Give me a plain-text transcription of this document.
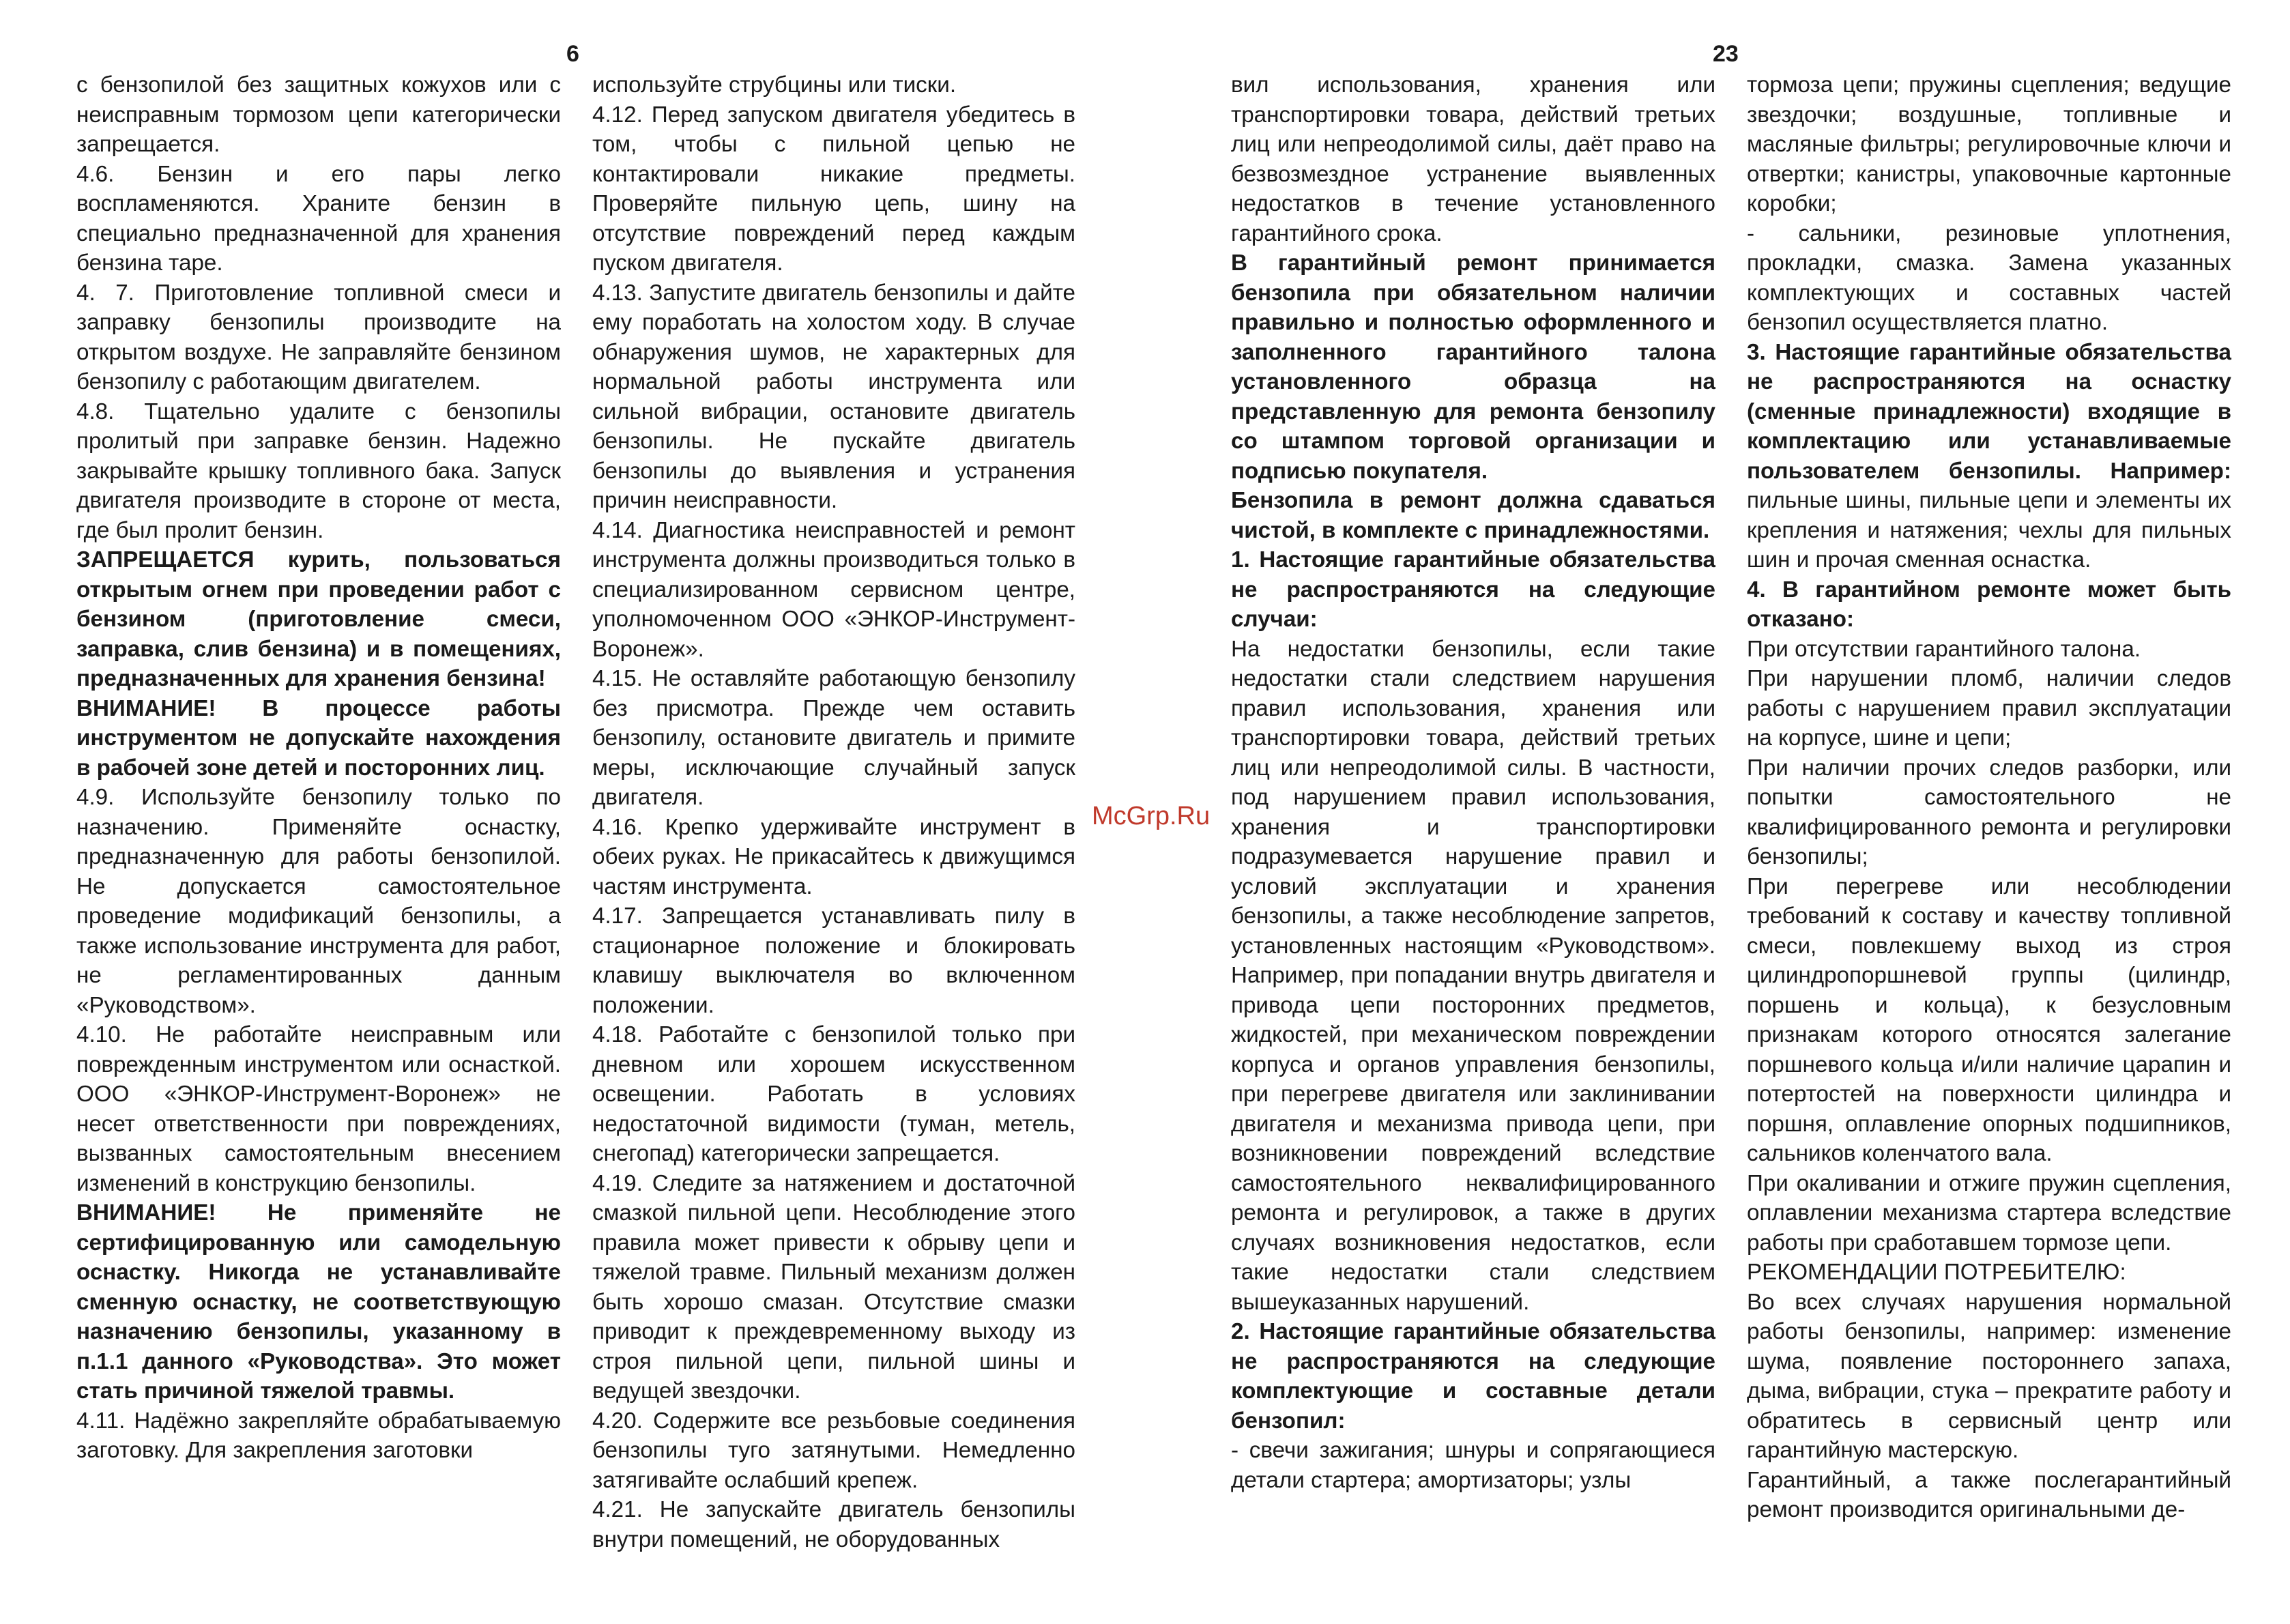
6	23

с бензопилой без защитных кожухов или с неисправным тормозом цепи категорически запрещается.

4.6. Бензин и его пары легко воспламеняются. Храните бензин в специально предназначенной для хранения бензина таре.

4. 7. Приготовление топливной смеси и заправку бензопилы производите на открытом воздухе. Не заправляйте бензином бензопилу с работающим двигателем.

4.8. Тщательно удалите с бензопилы пролитый при заправке бензин. Надежно закрывайте крышку топливного бака. Запуск двигателя производите в стороне от места, где был пролит бензин.

ЗАПРЕЩАЕТСЯ курить, пользоваться открытым огнем при проведении работ с бензином (приготовление смеси, заправка, слив бензина) и в помещениях, предназначенных для хранения бензина!

ВНИМАНИЕ! В процессе работы инструментом не допускайте нахождения в рабочей зоне детей и посторонних лиц.

4.9. Используйте бензопилу только по назначению. Применяйте оснастку, предназначенную для работы бензопилой. Не допускается самостоятельное проведение модификаций бензопилы, а также использование инструмента для работ, не регламентированных данным «Руководством».

4.10. Не работайте неисправным или поврежденным инструментом или оснасткой. ООО «ЭНКОР-Инструмент-Воронеж» не несет ответственности при повреждениях, вызванных самостоятельным внесением изменений в конструкцию бензопилы.

ВНИМАНИЕ! Не применяйте не сертифицированную или самодельную оснастку. Никогда не устанавливайте сменную оснастку, не соответствующую назначению бензопилы, указанному в п.1.1 данного «Руководства». Это может стать причиной тяжелой травмы.

4.11. Надёжно закрепляйте обрабатываемую заготовку. Для закрепления заготовки

используйте струбцины или тиски.

4.12. Перед запуском двигателя убедитесь в том, чтобы с пильной цепью не контактировали никакие предметы. Проверяйте пильную цепь, шину на отсутствие повреждений перед каждым пуском двигателя.

4.13. Запустите двигатель бензопилы и дайте ему поработать на холостом ходу. В случае обнаружения шумов, не характерных для нормальной работы инструмента или сильной вибрации, остановите двигатель бензопилы. Не пускайте двигатель бензопилы до выявления и устранения причин неисправности.

4.14. Диагностика неисправностей и ремонт инструмента должны производиться только в специализированном сервисном центре, уполномоченном ООО «ЭНКОР-Инструмент-Воронеж».

4.15. Не оставляйте работающую бензопилу без присмотра. Прежде чем оставить бензопилу, остановите двигатель и примите меры, исключающие случайный запуск двигателя.

4.16. Крепко удерживайте инструмент в обеих руках. Не прикасайтесь к движущимся частям инструмента.

4.17. Запрещается устанавливать пилу в стационарное положение и блокировать клавишу выключателя во включенном положении.

4.18. Работайте с бензопилой только при дневном или хорошем искусственном освещении. Работать в условиях недостаточной видимости (туман, метель, снегопад) категорически запрещается.

4.19. Следите за натяжением и достаточной смазкой пильной цепи. Несоблюдение этого правила может привести к обрыву цепи и тяжелой травме. Пильный механизм должен быть хорошо смазан. Отсутствие смазки приводит к преждевременному выходу из строя пильной цепи, пильной шины и ведущей звездочки.

4.20. Содержите все резьбовые соединения бензопилы туго затянутыми. Немедленно затягивайте ослабший крепеж.

4.21. Не запускайте двигатель бензопилы внутри помещений, не оборудованных

вил использования, хранения или транспортировки товара, действий третьих лиц или непреодолимой силы, даёт право на безвозмездное устранение выявленных недостатков в течение установленного гарантийного срока.

В гарантийный ремонт принимается бензопила при обязательном наличии правильно и полностью оформленного и заполненного гарантийного талона установленного образца на представленную для ремонта бензопилу со штампом торговой организации и подписью покупателя.

Бензопила в ремонт должна сдаваться чистой, в комплекте с принадлежностями.

1. Настоящие гарантийные обязательства не распространяются на следующие случаи:

На недостатки бензопилы, если такие недостатки стали следствием нарушения правил использования, хранения или транспортировки товара, действий третьих лиц или непреодолимой силы. В частности, под нарушением правил использования, хранения и транспортировки подразумевается нарушение правил и условий эксплуатации и хранения бензопилы, а также несоблюдение запретов, установленных настоящим «Руководством». Например, при попадании внутрь двигателя и привода цепи посторонних предметов, жидкостей, при механическом повреждении корпуса и органов управления бензопилы, при перегреве двигателя или заклинивании двигателя и механизма привода цепи, при возникновении повреждений вследствие самостоятельного неквалифицированного ремонта и регулировок, а также в других случаях возникновения недостатков, если такие недостатки стали следствием вышеуказанных нарушений.

2. Настоящие гарантийные обязательства не распространяются на следующие комплектующие и составные детали бензопил:

- свечи зажигания; шнуры и сопрягающиеся детали стартера; амортизаторы; узлы

тормоза цепи; пружины сцепления; ведущие звездочки; воздушные, топливные и масляные фильтры; регулировочные ключи и отвертки; канистры, упаковочные картонные коробки;

- сальники, резиновые уплотнения, прокладки, смазка. Замена указанных комплектующих и составных частей бензопил осуществляется платно.

3. Настоящие гарантийные обязательства не распространяются на оснастку (сменные принадлежности) входящие в комплектацию или устанавливаемые пользователем бензопилы. Например: пильные шины, пильные цепи и элементы их крепления и натяжения; чехлы для пильных шин и прочая сменная оснастка.

4. В гарантийном ремонте может быть отказано:

При отсутствии гарантийного талона.

При нарушении пломб, наличии следов работы с нарушением правил эксплуатации на корпусе, шине и цепи;

При наличии прочих следов разборки, или попытки самостоятельного не квалифицированного ремонта и регулировки бензопилы;

При перегреве или несоблюдении требований к составу и качеству топливной смеси, повлекшему выход из строя цилиндропоршневой группы (цилиндр, поршень и кольца), к безусловным признакам которого относятся залегание поршневого кольца и/или наличие царапин и потертостей на поверхности цилиндра и поршня, оплавление опорных подшипников, сальников коленчатого вала.

При окаливании и отжиге пружин сцепления, оплавлении механизма стартера вследствие работы при сработавшем тормозе цепи.

РЕКОМЕНДАЦИИ ПОТРЕБИТЕЛЮ:

Во всех случаях нарушения нормальной работы бензопилы, например: изменение шума, появление постороннего запаха, дыма, вибрации, стука – прекратите работу и обратитесь в сервисный центр или гарантийную мастерскую.

Гарантийный, а также послегарантийный ремонт производится оригинальными де-

McGrp.Ru
